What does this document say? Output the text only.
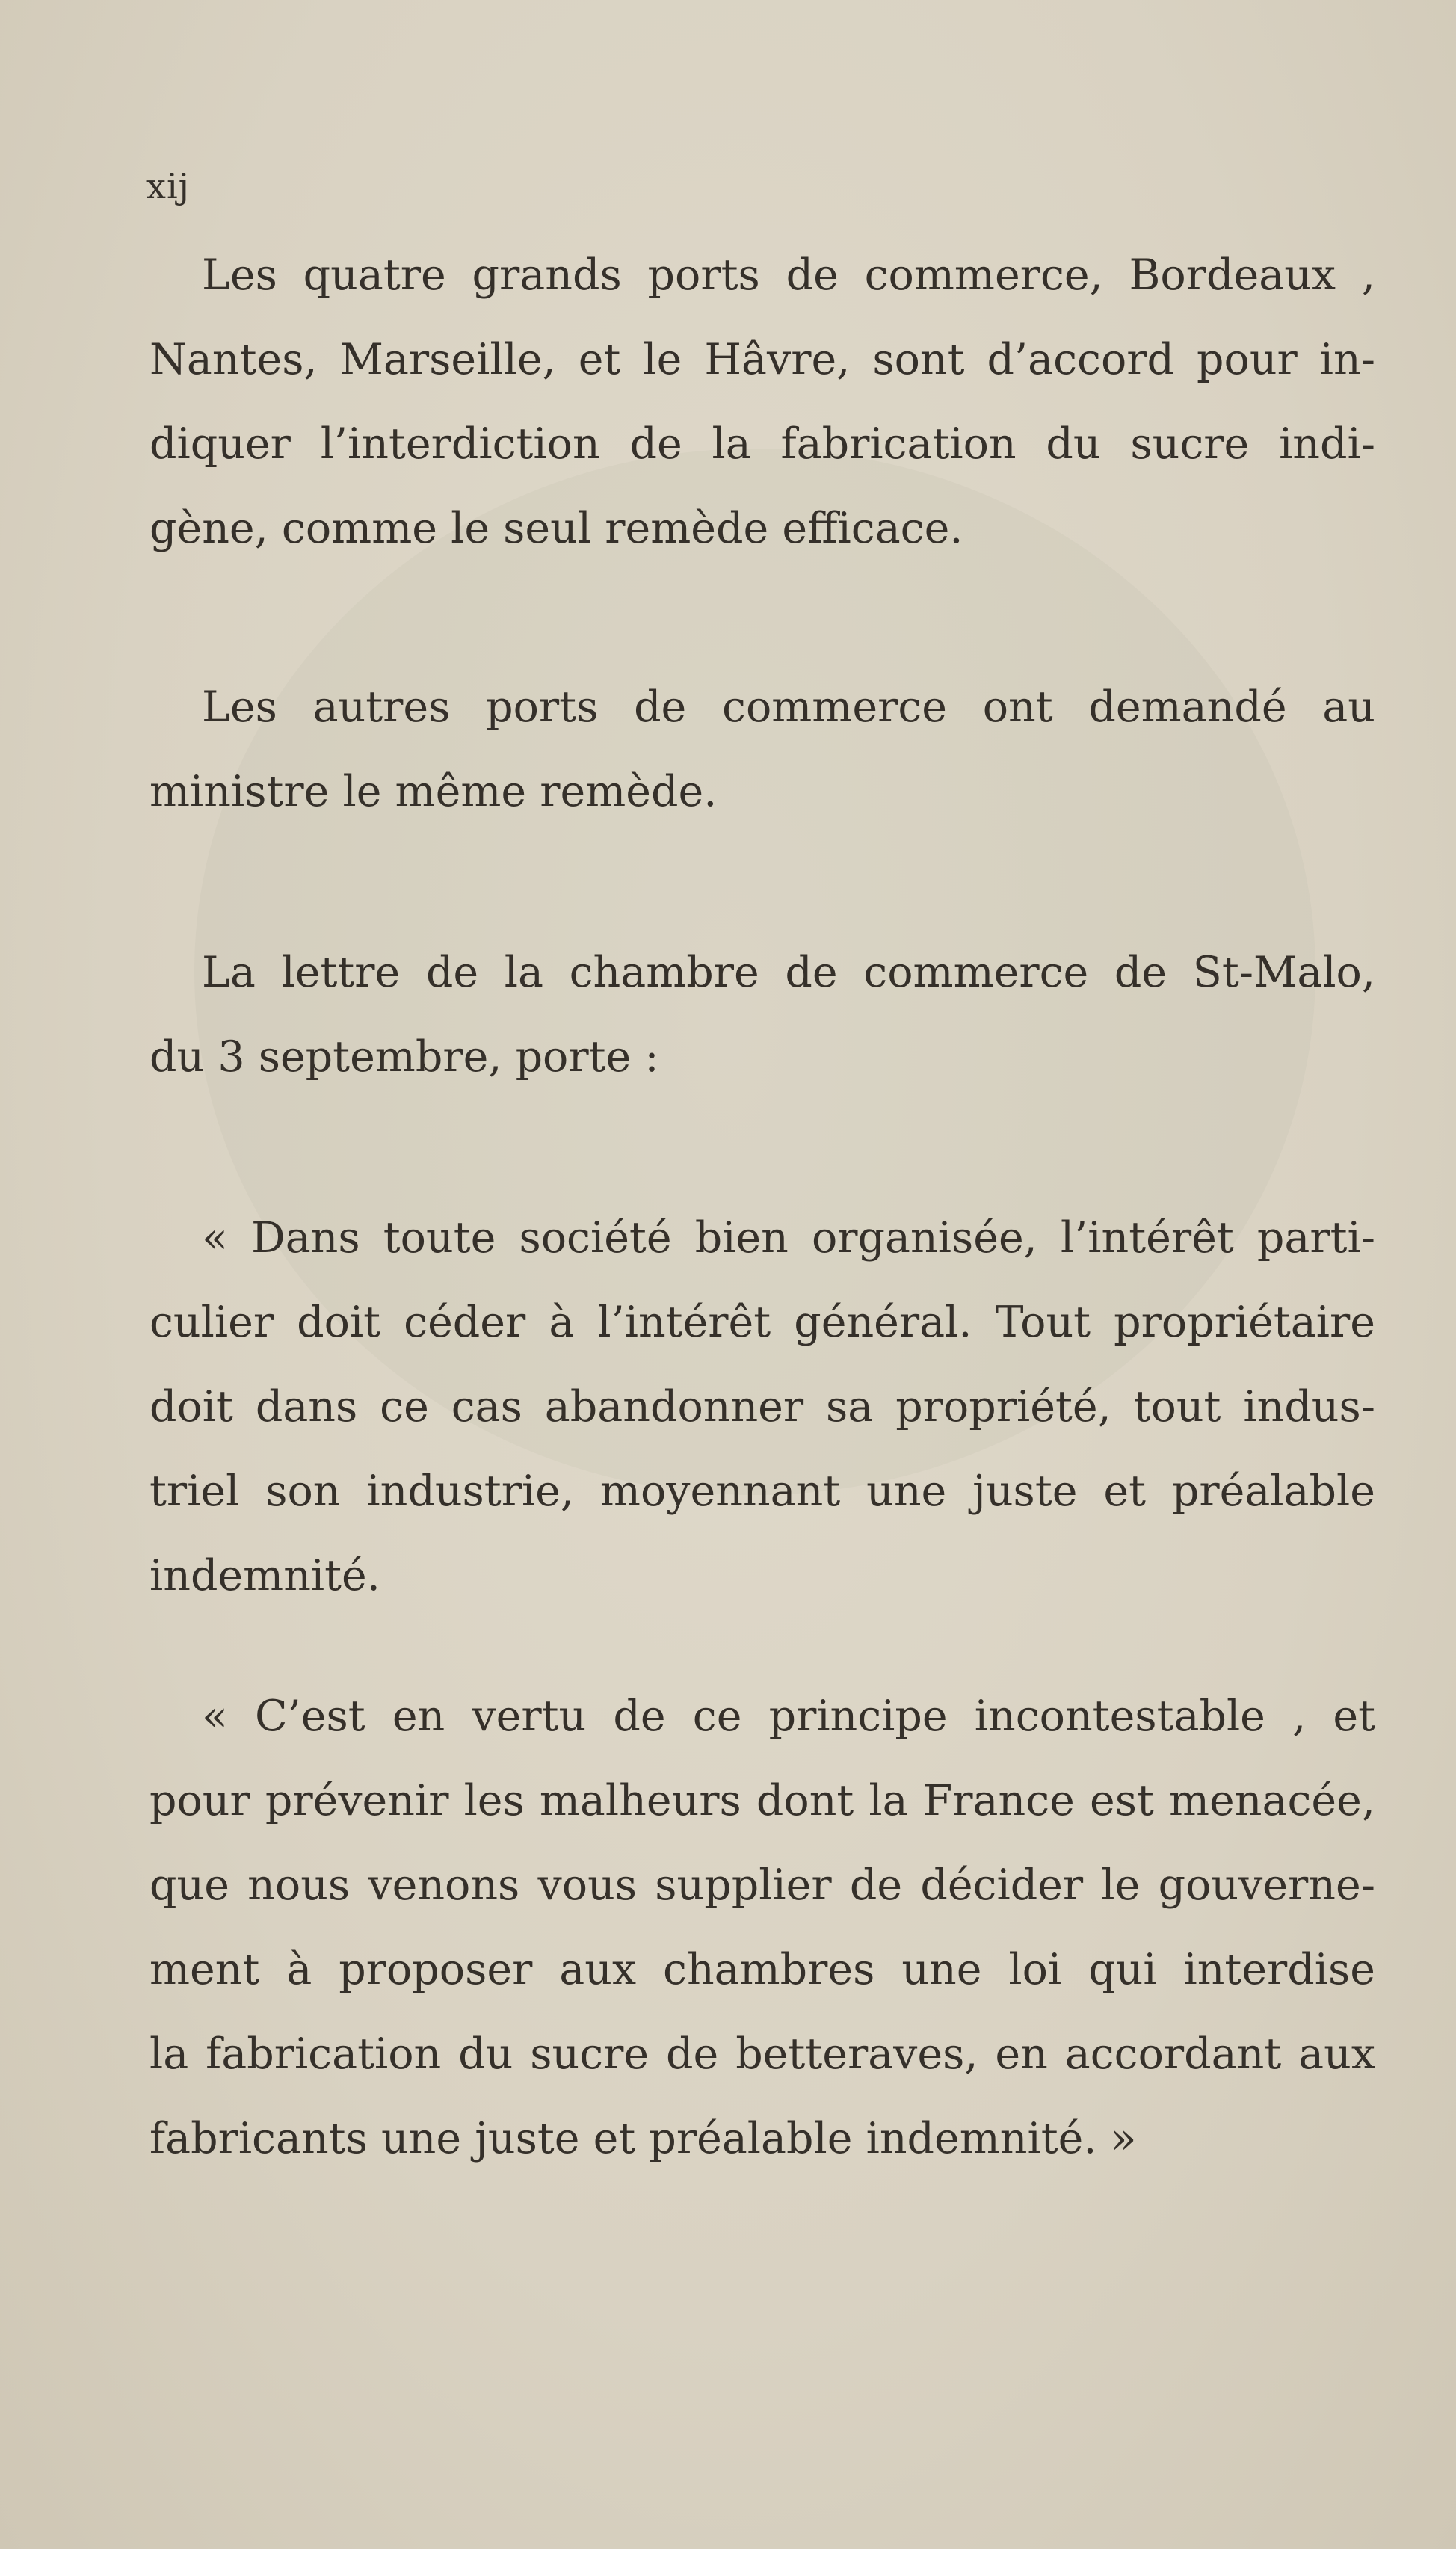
xij
Les quatre grands ports de commerce, Bordeaux ,
Nantes, Marseille, et le Hâvre, sont d’accord pour in-
diquer l’interdiction de la fabrication du sucre indi-
gène, comme le seul remède efficace.
Les autres ports de commerce ont demandé au
ministre le même remède.
La lettre de la chambre de commerce de St-Malo,
du 3 septembre, porte :
« Dans toute société bien organisée, l’intérêt parti-
culier doit céder à l’intérêt général. Tout propriétaire
doit dans ce cas abandonner sa propriété, tout indus-
triel son industrie, moyennant une juste et préalable
indemnité.
« C’est en vertu de ce principe incontestable , et
pour prévenir les malheurs dont la France est menacée,
que nous venons vous supplier de décider le gouverne-
ment à proposer aux chambres une loi qui interdise
la fabrication du sucre de betteraves, en accordant aux
fabricants une juste et préalable indemnité. »
